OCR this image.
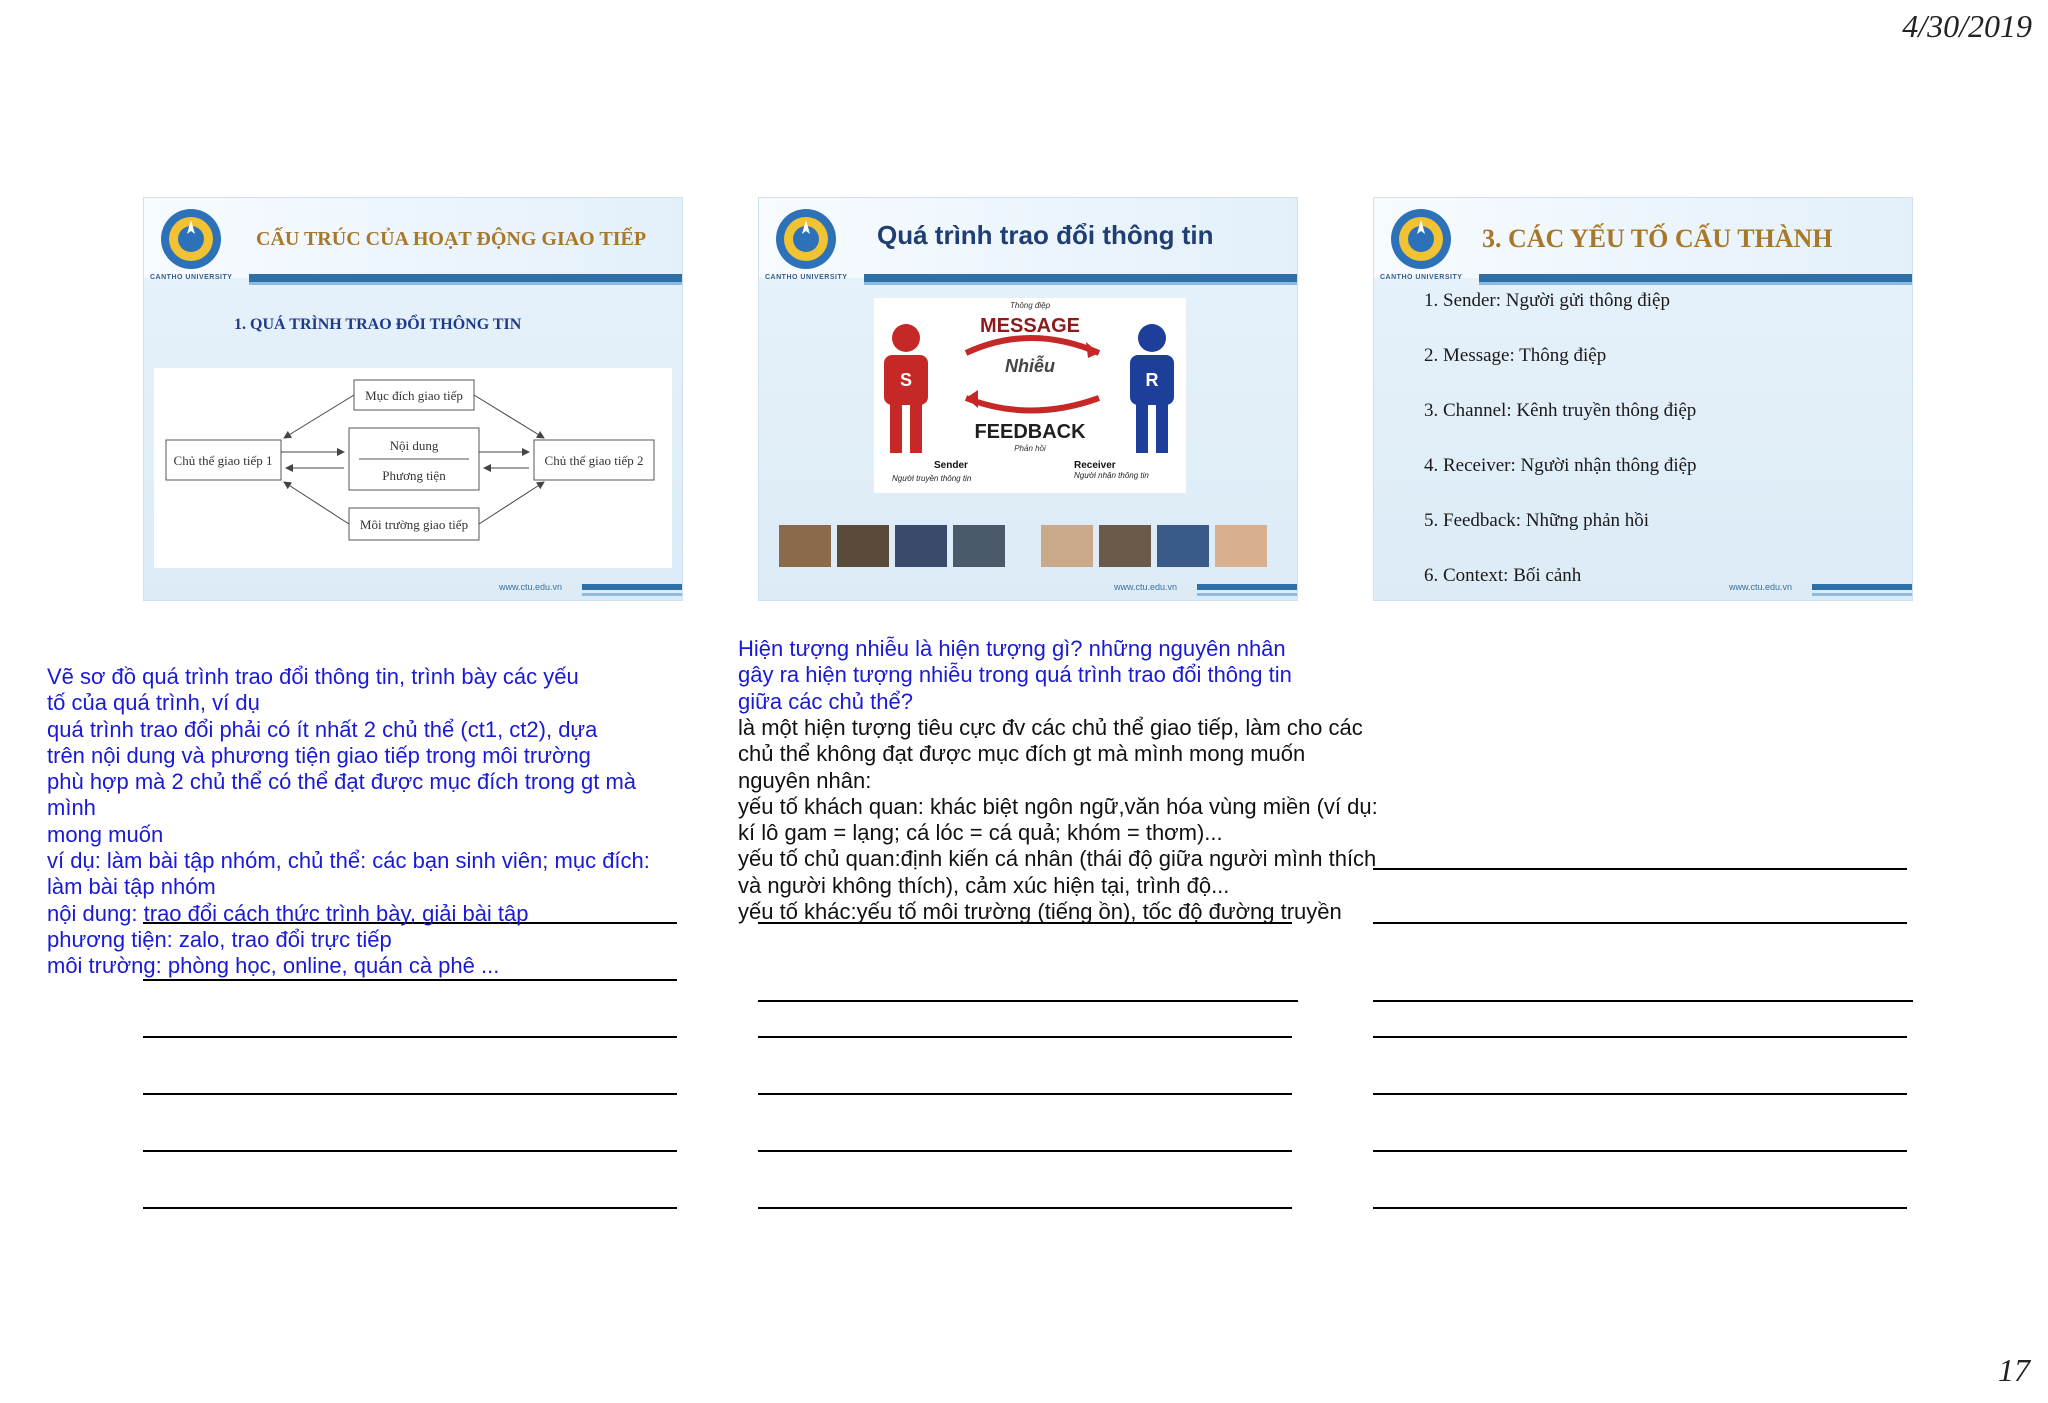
4/30/2019
CANTHO UNIVERSITY
CẤU TRÚC CỦA HOẠT ĐỘNG GIAO TIẾP
1. QUÁ TRÌNH TRAO ĐỔI THÔNG TIN
Mục đích giao tiếp
Chủ thể giao tiếp 1
Nội dung
Phương tiện
Chủ thể giao tiếp 2
Môi trường giao tiếp
www.ctu.edu.vn
CANTHO UNIVERSITY
Quá trình trao đổi thông tin
Thông điệp
MESSAGE
Nhiễu
FEEDBACK
Phản hồi
S	R
Sender	Receiver
Người truyền thông tin	Người nhận thông tin
www.ctu.edu.vn
CANTHO UNIVERSITY
3. CÁC YẾU TỐ CẤU THÀNH
1. Sender: Người gửi thông điệp
2. Message: Thông điệp
3. Channel: Kênh truyền thông điệp
4. Receiver: Người nhận thông điệp
5. Feedback: Những phản hồi
6. Context: Bối cảnh
www.ctu.edu.vn
Vẽ sơ đồ quá trình trao đổi thông tin, trình bày các yếu
tố của quá trình, ví dụ
quá trình trao đổi phải có ít nhất 2 chủ thể (ct1, ct2), dựa
trên nội dung và phương tiện giao tiếp trong môi trường
phù hợp mà 2 chủ thể có thể đạt được mục đích trong gt mà
mình
mong muốn
ví dụ: làm bài tập nhóm, chủ thể: các bạn sinh viên; mục đích:
làm bài tập nhóm
nội dung: trao đổi cách thức trình bày, giải bài tập
phương tiện: zalo, trao đổi trực tiếp
môi trường: phòng học, online, quán cà phê ...
Hiện tượng nhiễu là hiện tượng gì? những nguyên nhân
gây ra hiện tượng nhiễu trong quá trình trao đổi thông tin
giữa các chủ thể?
là một hiện tượng tiêu cực đv các chủ thể giao tiếp, làm cho các
chủ thể không đạt được mục đích gt mà mình mong muốn
nguyên nhân:
yếu tố khách quan: khác biệt ngôn ngữ,văn hóa vùng miền (ví dụ:
kí lô gam = lạng; cá lóc = cá quả; khóm = thơm)...
yếu tố chủ quan:định kiến cá nhân (thái độ giữa người mình thích
và người không thích), cảm xúc hiện tại, trình độ...
yếu tố khác:yếu tố môi trường (tiếng ồn), tốc độ đường truyền
17
